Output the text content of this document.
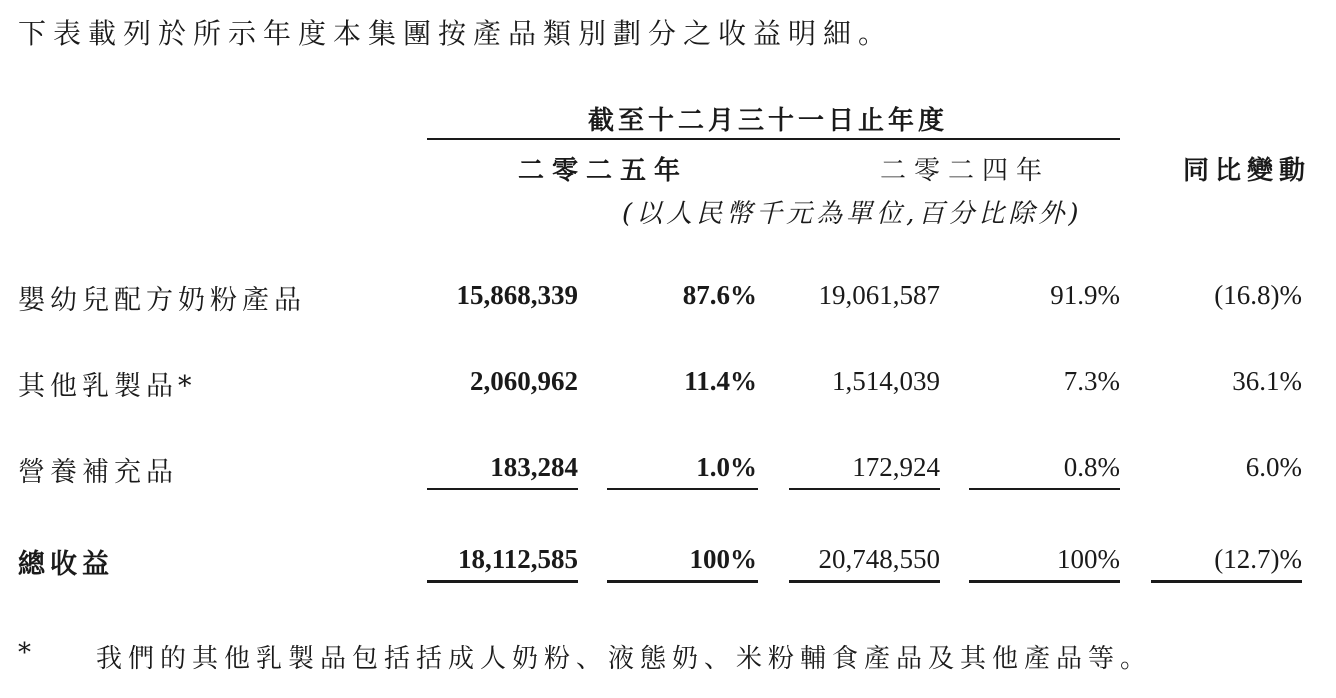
下表載列於所示年度本集團按產品類別劃分之收益明細。
截至十二月三十一日止年度
二零二五年	二零二四年	同比變動
(以人民幣千元為單位,百分比除外)
嬰幼兒配方奶粉產品	15,868,339	87.6% 19,061,587	91.9%	(16.8)%
其他乳製品*	2,060,962	11.4%	1,514,039	7.3%	36.1%
營養補充品	183,284	1.0%	172,924	0.8%	6.0%
總收益	18,112,585	100% 20,748,550	100%	(12.7)%
*	我們的其他乳製品包括括成人奶粉、液態奶、米粉輔食產品及其他產品等。
